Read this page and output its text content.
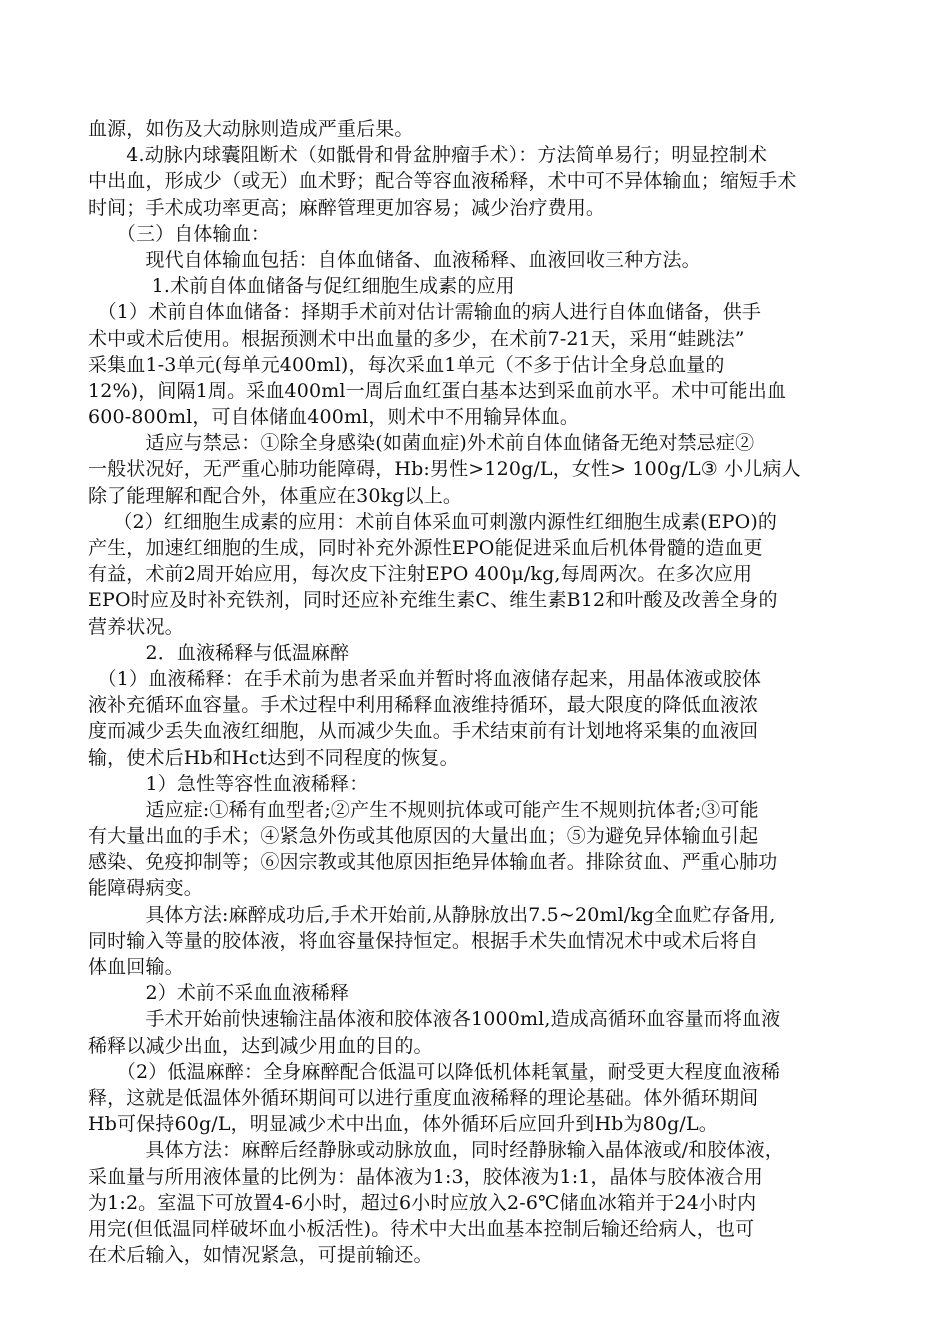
血源，如伤及大动脉则造成严重后果。
　　4.动脉内球囊阻断术（如骶骨和骨盆肿瘤手术）：方法简单易行；明显控制术
中出血，形成少（或无）血术野；配合等容血液稀释，术中可不异体输血；缩短手术
时间；手术成功率更高；麻醉管理更加容易；减少治疗费用。
　　（三）自体输血：
　　　现代自体输血包括：自体血储备、血液稀释、血液回收三种方法。
　　　 1.术前自体血储备与促红细胞生成素的应用
　（1）术前自体血储备：择期手术前对估计需输血的病人进行自体血储备，供手
术中或术后使用。根据预测术中出血量的多少，在术前7-21天，采用“蛙跳法”
采集血1-3单元(每单元400ml)，每次采血1单元（不多于估计全身总血量的
12%)，间隔1周。采血400ml一周后血红蛋白基本达到采血前水平。术中可能出血
600-800ml，可自体储血400ml，则术中不用输异体血。
　　　适应与禁忌：①除全身感染(如菌血症)外术前自体血储备无绝对禁忌症②
一般状况好，无严重心肺功能障碍，Hb:男性>120g/L，女性> 100g/L③ 小儿病人
除了能理解和配合外，体重应在30kg以上。
　 （2）红细胞生成素的应用：术前自体采血可刺激内源性红细胞生成素(EPO)的
产生，加速红细胞的生成，同时补充外源性EPO能促进采血后机体骨髓的造血更
有益，术前2周开始应用，每次皮下注射EPO 400μ/kg,每周两次。在多次应用
EPO时应及时补充铁剂，同时还应补充维生素C、维生素B12和叶酸及改善全身的
营养状况。
　　　2．血液稀释与低温麻醉
　（1）血液稀释：在手术前为患者采血并暂时将血液储存起来，用晶体液或胶体
液补充循环血容量。手术过程中利用稀释血液维持循环，最大限度的降低血液浓
度而减少丢失血液红细胞，从而减少失血。手术结束前有计划地将采集的血液回
输，使术后Hb和Hct达到不同程度的恢复。
　　　1）急性等容性血液稀释：
　　　适应症:①稀有血型者;②产生不规则抗体或可能产生不规则抗体者;③可能
有大量出血的手术；④紧急外伤或其他原因的大量出血；⑤为避免异体输血引起
感染、免疫抑制等；⑥因宗教或其他原因拒绝异体输血者。排除贫血、严重心肺功
能障碍病变。
　　　具体方法:麻醉成功后,手术开始前,从静脉放出7.5~20ml/kg全血贮存备用,
同时输入等量的胶体液，将血容量保持恒定。根据手术失血情况术中或术后将自
体血回输。
　　　2）术前不采血血液稀释
　　　手术开始前快速输注晶体液和胶体液各1000ml,造成高循环血容量而将血液
稀释以减少出血，达到减少用血的目的。
　　（2）低温麻醉：全身麻醉配合低温可以降低机体耗氧量，耐受更大程度血液稀
释，这就是低温体外循环期间可以进行重度血液稀释的理论基础。体外循环期间
Hb可保持60g/L，明显减少术中出血，体外循环后应回升到Hb为80g/L。
　　　具体方法：麻醉后经静脉或动脉放血，同时经静脉输入晶体液或/和胶体液，
采血量与所用液体量的比例为：晶体液为1:3，胶体液为1:1，晶体与胶体液合用
为1:2。室温下可放置4-6小时，超过6小时应放入2-6℃储血冰箱并于24小时内
用完(但低温同样破坏血小板活性)。待术中大出血基本控制后输还给病人，也可
在术后输入，如情况紧急，可提前输还。
